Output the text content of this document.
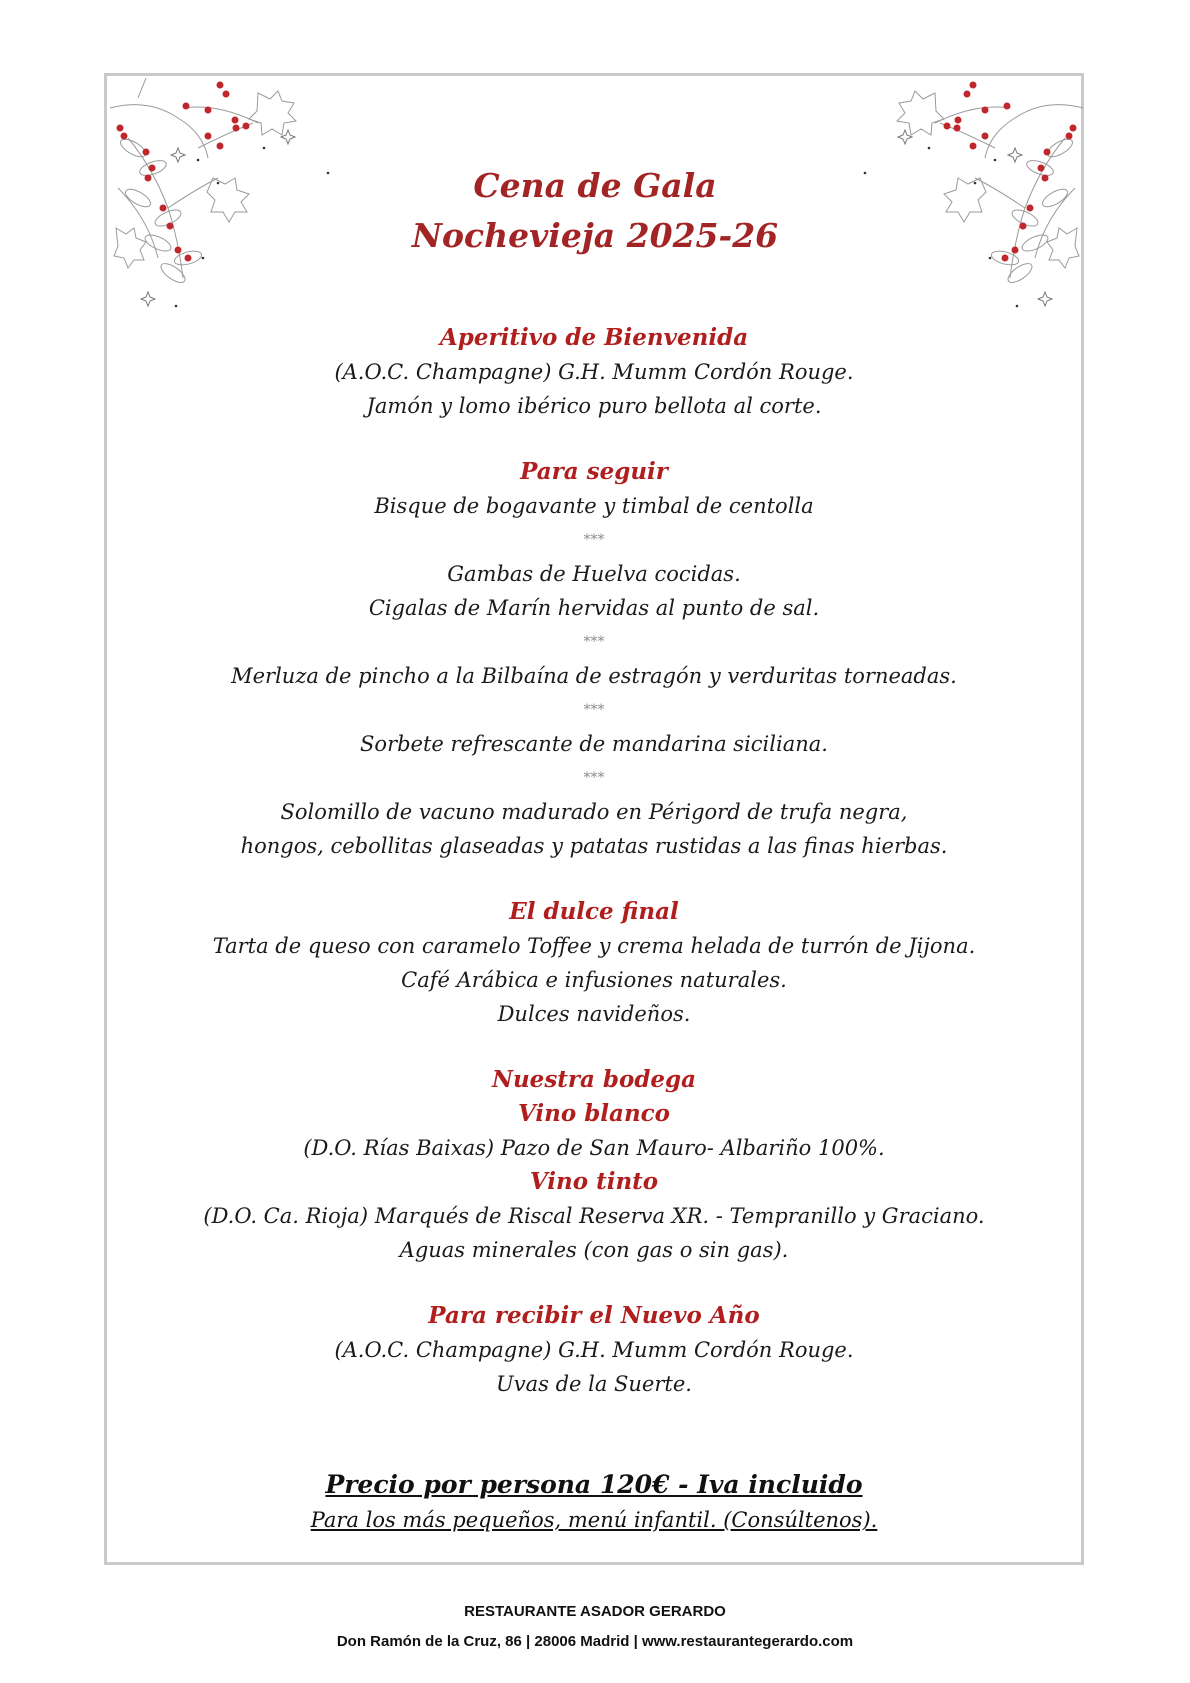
Cena de Gala
Nochevieja 2025-26
Aperitivo de Bienvenida
(A.O.C. Champagne) G.H. Mumm Cordón Rouge.
Jamón y lomo ibérico puro bellota al corte.
Para seguir
Bisque de bogavante y timbal de centolla
***
Gambas de Huelva cocidas.
Cigalas de Marín hervidas al punto de sal.
***
Merluza de pincho a la Bilbaína de estragón y verduritas torneadas.
***
Sorbete refrescante de mandarina siciliana.
***
Solomillo de vacuno madurado en Périgord de trufa negra,
hongos, cebollitas glaseadas y patatas rustidas a las finas hierbas.
El dulce final
Tarta de queso con caramelo Toffee y crema helada de turrón de Jijona.
Café Arábica e infusiones naturales.
Dulces navideños.
Nuestra bodega
Vino blanco
(D.O. Rías Baixas) Pazo de San Mauro- Albariño 100%.
Vino tinto
(D.O. Ca. Rioja) Marqués de Riscal Reserva XR. - Tempranillo y Graciano.
Aguas minerales (con gas o sin gas).
Para recibir el Nuevo Año
(A.O.C. Champagne) G.H. Mumm Cordón Rouge.
Uvas de la Suerte.
Precio por persona 120€ - Iva incluido
Para los más pequeños, menú infantil. (Consúltenos).
RESTAURANTE ASADOR GERARDO
Don Ramón de la Cruz, 86 | 28006 Madrid | www.restaurantegerardo.com
